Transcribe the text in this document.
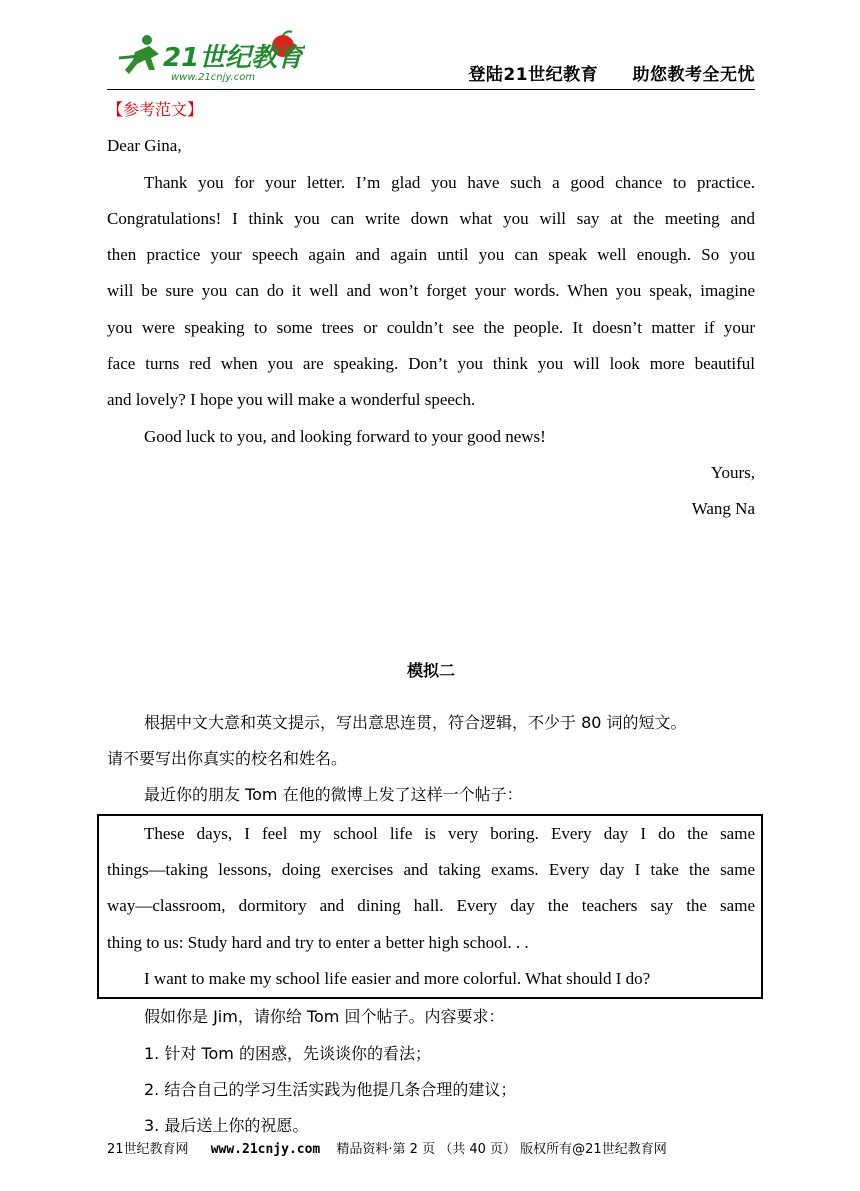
21世纪教育
www.21cnjy.com	登陆21世纪教育 助您教考全无忧

【参考范文】

Dear Gina,

Thank you for your letter. I’m glad you have such a good chance to practice.

Congratulations! I think you can write down what you will say at the meeting and

then practice your speech again and again until you can speak well enough. So you

will be sure you can do it well and won’t forget your words. When you speak, imagine

you were speaking to some trees or couldn’t see the people. It doesn’t matter if your

face turns red when you are speaking. Don’t you think you will look more beautiful

and lovely? I hope you will make a wonderful speech.

Good luck to you, and looking forward to your good news!

Yours,

Wang Na

模拟二

根据中文大意和英文提示，写出意思连贯，符合逻辑，不少于 80 词的短文。

请不要写出你真实的校名和姓名。

最近你的朋友 Tom 在他的微博上发了这样一个帖子：

These days, I feel my school life is very boring. Every day I do the same

things—taking lessons, doing exercises and taking exams. Every day I take the same

way—classroom, dormitory and dining hall. Every day the teachers say the same

thing to us: Study hard and try to enter a better high school. . .

I want to make my school life easier and more colorful. What should I do?

假如你是 Jim，请你给 Tom 回个帖子。内容要求：

1. 针对 Tom 的困惑，先谈谈你的看法；

2. 结合自己的学习生活实践为他提几条合理的建议；

3. 最后送上你的祝愿。

21世纪教育网 www.21cnjy.com 精品资料·第 2 页 （共 40 页） 版权所有@21世纪教育网
